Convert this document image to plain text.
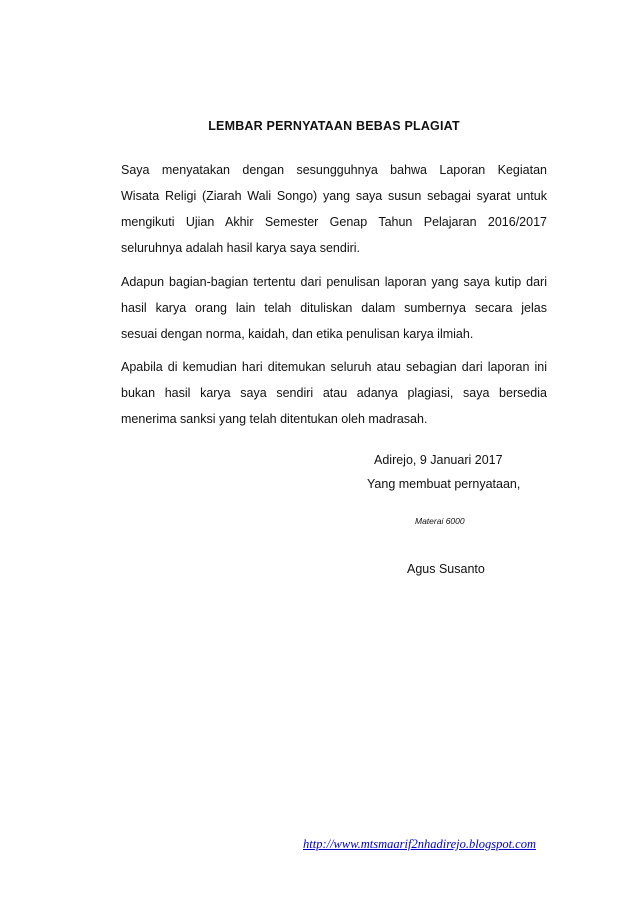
LEMBAR PERNYATAAN BEBAS PLAGIAT
Saya menyatakan dengan sesungguhnya bahwa Laporan Kegiatan
Wisata Religi (Ziarah Wali Songo) yang saya susun sebagai syarat untuk
mengikuti Ujian Akhir Semester Genap Tahun Pelajaran 2016/2017
seluruhnya adalah hasil karya saya sendiri.
Adapun bagian-bagian tertentu dari penulisan laporan yang saya kutip dari
hasil karya orang lain telah dituliskan dalam sumbernya secara jelas
sesuai dengan norma, kaidah, dan etika penulisan karya ilmiah.
Apabila di kemudian hari ditemukan seluruh atau sebagian dari laporan ini
bukan hasil karya saya sendiri atau adanya plagiasi, saya bersedia
menerima sanksi yang telah ditentukan oleh madrasah.
Adirejo, 9 Januari 2017
Yang membuat pernyataan,
Materai 6000
Agus Susanto
http://www.mtsmaarif2nhadirejo.blogspot.com
